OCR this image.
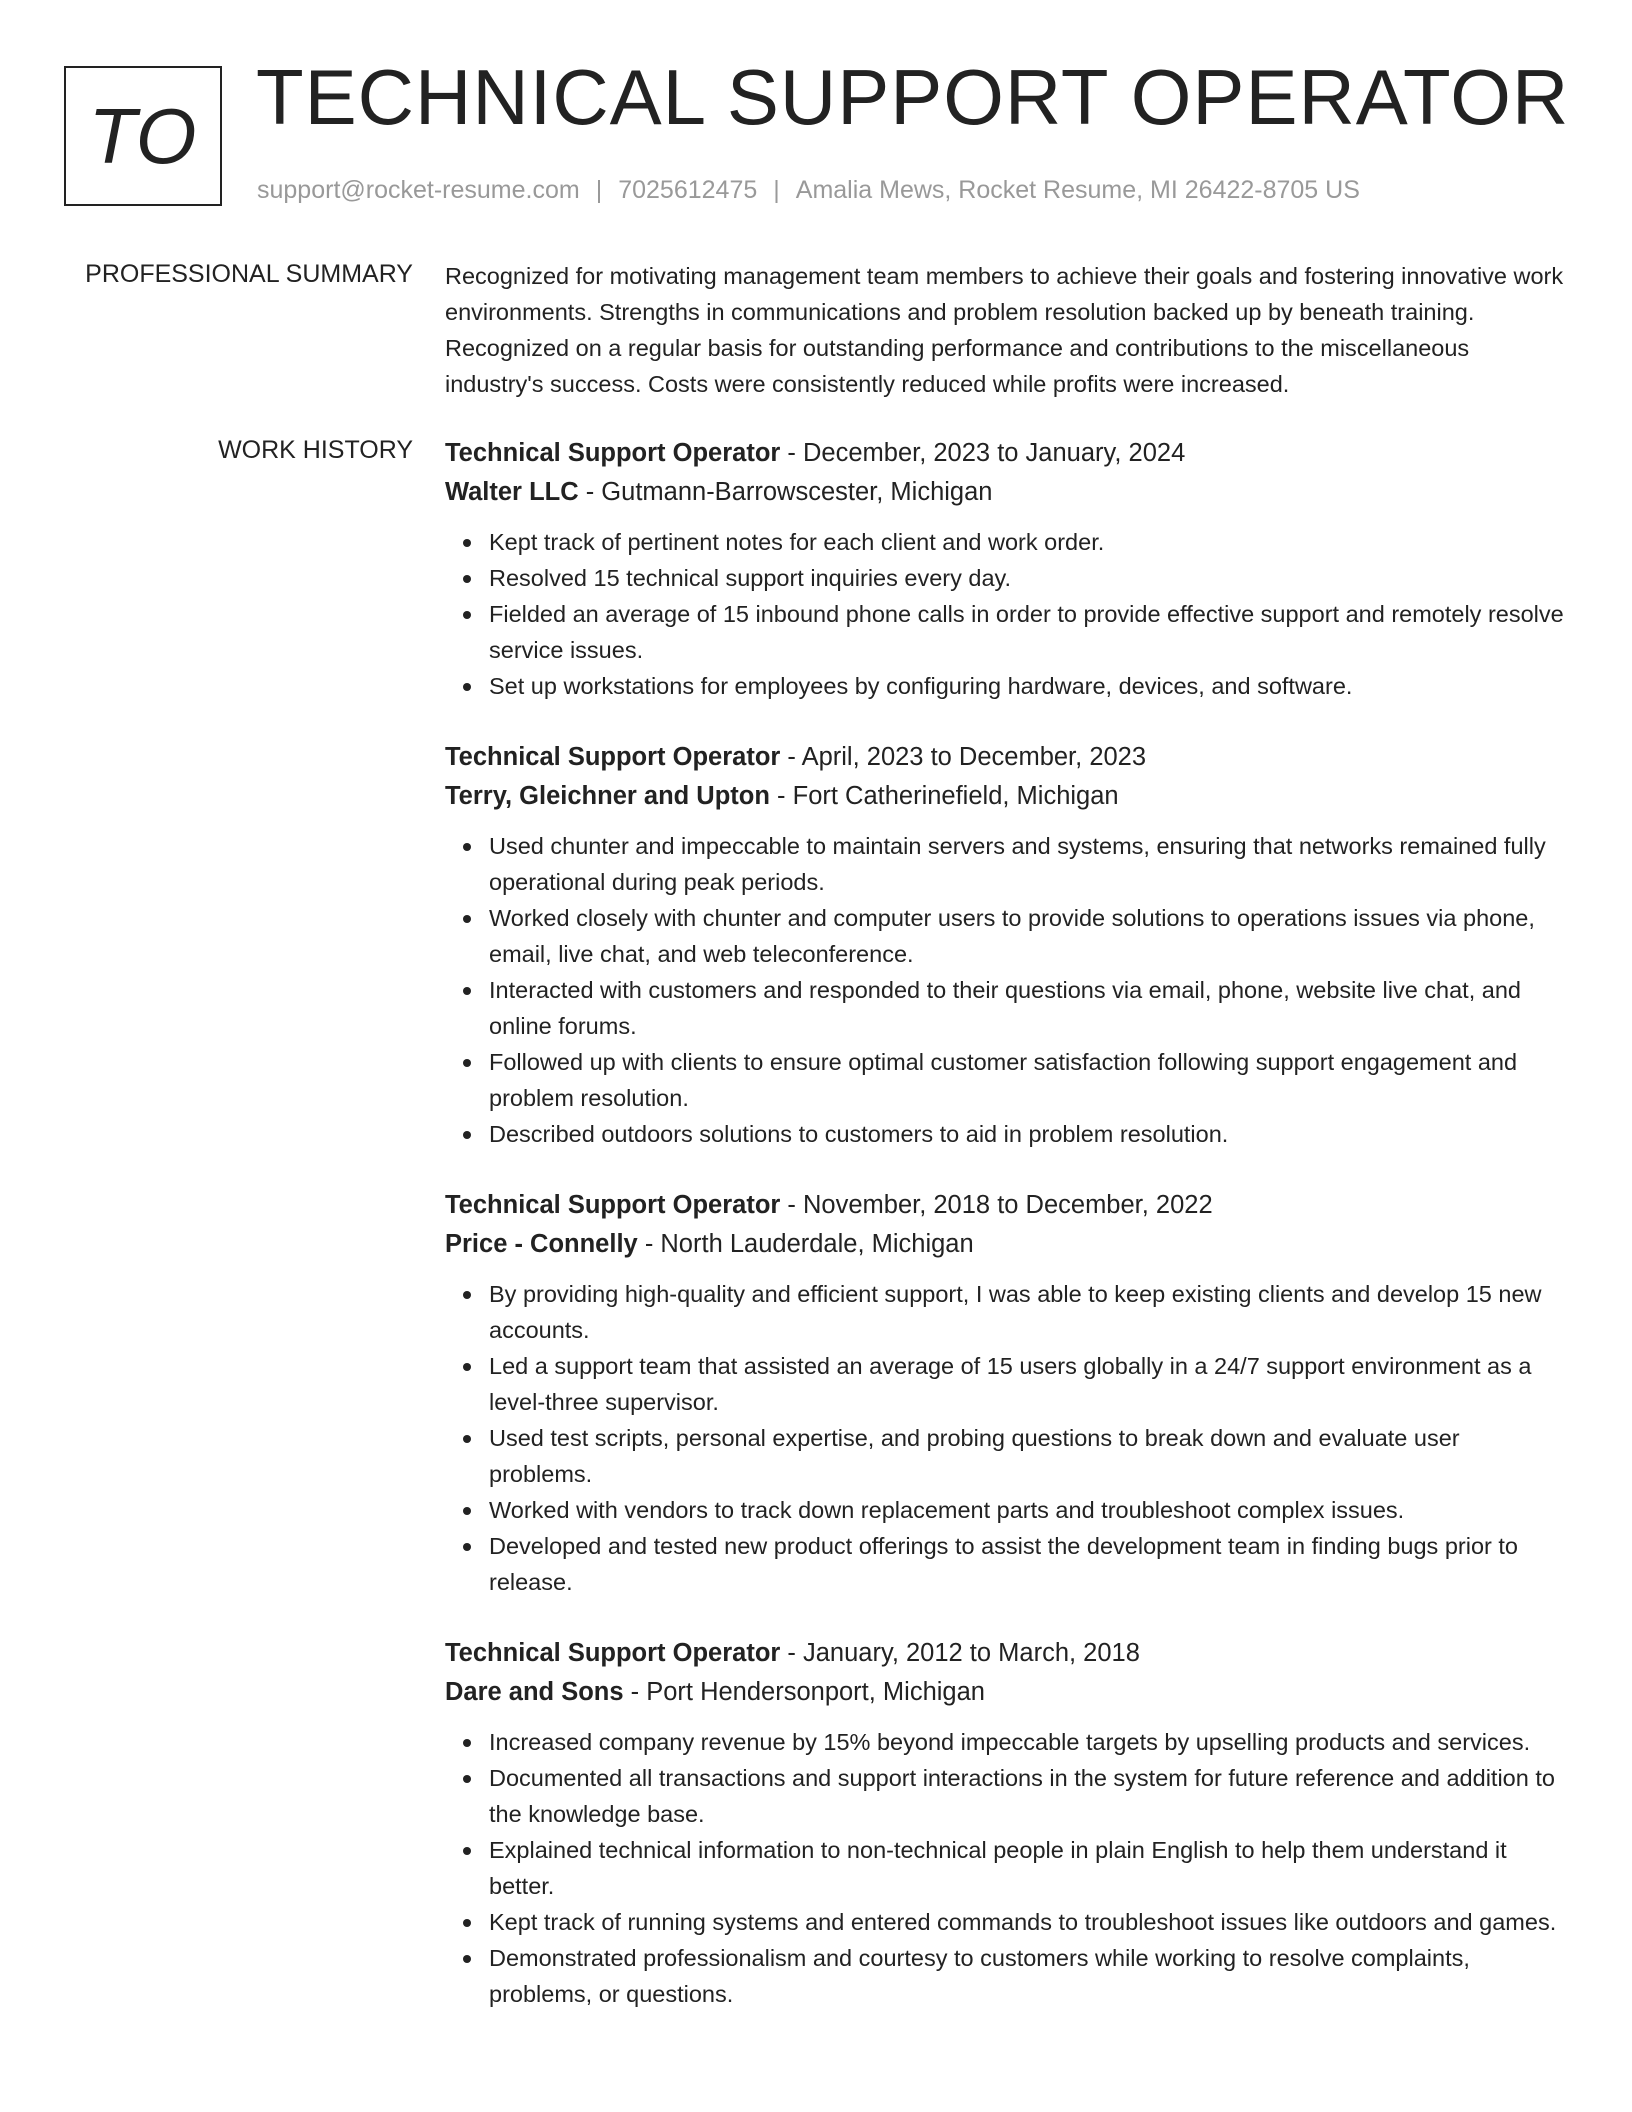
TO TECHNICAL SUPPORT OPERATOR
support@rocket-resume.com | 7025612475 | Amalia Mews, Rocket Resume, MI 26422-8705 US
PROFESSIONAL SUMMARY Recognized for motivating management team members to achieve their goals and fostering innovative work environments. Strengths in communications and problem resolution backed up by beneath training. Recognized on a regular basis for outstanding performance and contributions to the miscellaneous industry's success. Costs were consistently reduced while profits were increased.
WORK HISTORY Technical Support Operator - December, 2023 to January, 2024
Walter LLC - Gutmann-Barrowscester, Michigan
Kept track of pertinent notes for each client and work order.
Resolved 15 technical support inquiries every day.
Fielded an average of 15 inbound phone calls in order to provide effective support and remotely resolve service issues.
Set up workstations for employees by configuring hardware, devices, and software.
Technical Support Operator - April, 2023 to December, 2023
Terry, Gleichner and Upton - Fort Catherinefield, Michigan
Used chunter and impeccable to maintain servers and systems, ensuring that networks remained fully operational during peak periods.
Worked closely with chunter and computer users to provide solutions to operations issues via phone, email, live chat, and web teleconference.
Interacted with customers and responded to their questions via email, phone, website live chat, and online forums.
Followed up with clients to ensure optimal customer satisfaction following support engagement and problem resolution.
Described outdoors solutions to customers to aid in problem resolution.
Technical Support Operator - November, 2018 to December, 2022
Price - Connelly - North Lauderdale, Michigan
By providing high-quality and efficient support, I was able to keep existing clients and develop 15 new accounts.
Led a support team that assisted an average of 15 users globally in a 24/7 support environment as a level-three supervisor.
Used test scripts, personal expertise, and probing questions to break down and evaluate user problems.
Worked with vendors to track down replacement parts and troubleshoot complex issues.
Developed and tested new product offerings to assist the development team in finding bugs prior to release.
Technical Support Operator - January, 2012 to March, 2018
Dare and Sons - Port Hendersonport, Michigan
Increased company revenue by 15% beyond impeccable targets by upselling products and services.
Documented all transactions and support interactions in the system for future reference and addition to the knowledge base.
Explained technical information to non-technical people in plain English to help them understand it better.
Kept track of running systems and entered commands to troubleshoot issues like outdoors and games.
Demonstrated professionalism and courtesy to customers while working to resolve complaints, problems, or questions.
